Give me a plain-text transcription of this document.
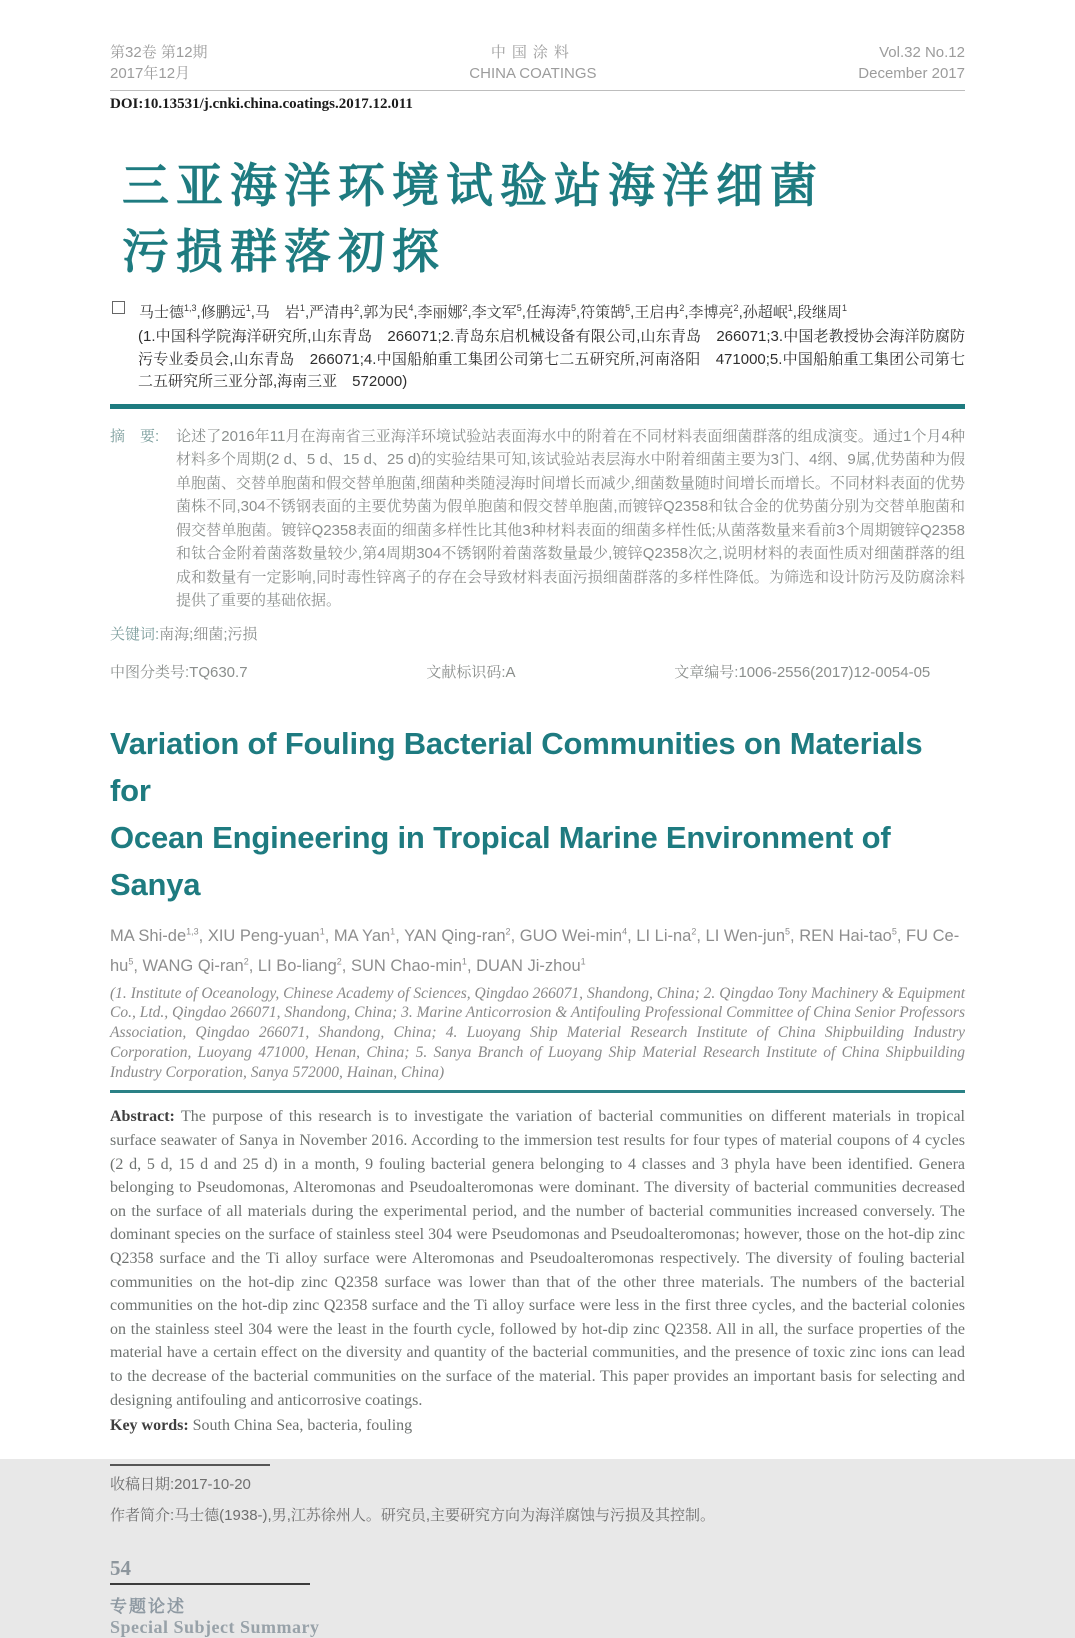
第32卷 第12期
2017年12月
中国涂料
CHINA COATINGS
Vol.32 No.12
December 2017
DOI:10.13531/j.cnki.china.coatings.2017.12.011
三亚海洋环境试验站海洋细菌
污损群落初探
马士德$^{1,3}$,修鹏远$^1$,马　岩$^1$,严清冉$^2$,郭为民$^4$,李丽娜$^2$,李文军$^5$,任海涛$^5$,符策鹄$^5$,王启冉$^2$,李博亮$^2$,孙超岷$^1$,段继周$^1$
(1.中国科学院海洋研究所,山东青岛　266071;2.青岛东启机械设备有限公司,山东青岛　266071;3.中国老教授协会海洋防腐防污专业委员会,山东青岛　266071;4.中国船舶重工集团公司第七二五研究所,河南洛阳　471000;5.中国船舶重工集团公司第七二五研究所三亚分部,海南三亚　572000)
摘　要: 论述了2016年11月在海南省三亚海洋环境试验站表面海水中的附着在不同材料表面细菌群落的组成演变。通过1个月4种材料多个周期(2 d、5 d、15 d、25 d)的实验结果可知,该试验站表层海水中附着细菌主要为3门、4纲、9属,优势菌种为假单胞菌、交替单胞菌和假交替单胞菌,细菌种类随浸海时间增长而减少,细菌数量随时间增长而增长。不同材料表面的优势菌株不同,304不锈钢表面的主要优势菌为假单胞菌和假交替单胞菌,而镀锌Q2358和钛合金的优势菌分别为交替单胞菌和假交替单胞菌。镀锌Q2358表面的细菌多样性比其他3种材料表面的细菌多样性低;从菌落数量来看前3个周期镀锌Q2358和钛合金附着菌落数量较少,第4周期304不锈钢附着菌落数量最少,镀锌Q2358次之,说明材料的表面性质对细菌群落的组成和数量有一定影响,同时毒性锌离子的存在会导致材料表面污损细菌群落的多样性降低。为筛选和设计防污及防腐涂料提供了重要的基础依据。
关键词:南海;细菌;污损
中图分类号:TQ630.7	文献标识码:A	文章编号:1006-2556(2017)12-0054-05
Variation of Fouling Bacterial Communities on Materials for
Ocean Engineering in Tropical Marine Environment of Sanya
MA Shi-de$^{1,3}$, XIU Peng-yuan$^1$, MA Yan$^1$, YAN Qing-ran$^2$, GUO Wei-$\min^4$, LI $Li-na^2$, LI Wen-jun$^5$, REN Hai-tao$^5$, FU $Ce-hu^5$, WANG Qi-ran$^2$, LI Bo-liang$^2$, SUN Chao-$\min^1$, DUAN Ji-zhou$^1$
(1. Institute of Oceanology, Chinese Academy of Sciences, Qingdao 266071, Shandong, China; 2. Qingdao Tony Machinery & Equipment Co., Ltd., Qingdao 266071, Shandong, China; 3. Marine Anticorrosion & Antifouling Professional Committee of China Senior Professors Association, Qingdao 266071, Shandong, China; 4. Luoyang Ship Material Research Institute of China Shipbuilding Industry Corporation, Luoyang 471000, Henan, China; 5. Sanya Branch of Luoyang Ship Material Research Institute of China Shipbuilding Industry Corporation, Sanya 572000, Hainan, China)
Abstract: The purpose of this research is to investigate the variation of bacterial communities on different materials in tropical surface seawater of Sanya in November 2016. According to the immersion test results for four types of material coupons of 4 cycles (2 d, 5 d, 15 d and 25 d) in a month, 9 fouling bacterial genera belonging to 4 classes and 3 phyla have been identified. Genera belonging to Pseudomonas, Alteromonas and Pseudoalteromonas were dominant. The diversity of bacterial communities decreased on the surface of all materials during the experimental period, and the number of bacterial communities increased conversely. The dominant species on the surface of stainless steel 304 were Pseudomonas and Pseudoalteromonas; however, those on the hot-dip zinc Q2358 surface and the Ti alloy surface were Alteromonas and Pseudoalteromonas respectively. The diversity of fouling bacterial communities on the hot-dip zinc Q2358 surface was lower than that of the other three materials. The numbers of the bacterial communities on the hot-dip zinc Q2358 surface and the Ti alloy surface were less in the first three cycles, and the bacterial colonies on the stainless steel 304 were the least in the fourth cycle, followed by hot-dip zinc Q2358. All in all, the surface properties of the material have a certain effect on the diversity and quantity of the bacterial communities, and the presence of toxic zinc ions can lead to the decrease of the bacterial communities on the surface of the material. This paper provides an important basis for selecting and designing antifouling and anticorrosive coatings.
Key words: South China Sea, bacteria, fouling
收稿日期:2017-10-20
作者简介:马士德(1938-),男,江苏徐州人。研究员,主要研究方向为海洋腐蚀与污损及其控制。
54
专题论述
Special Subject Summary
